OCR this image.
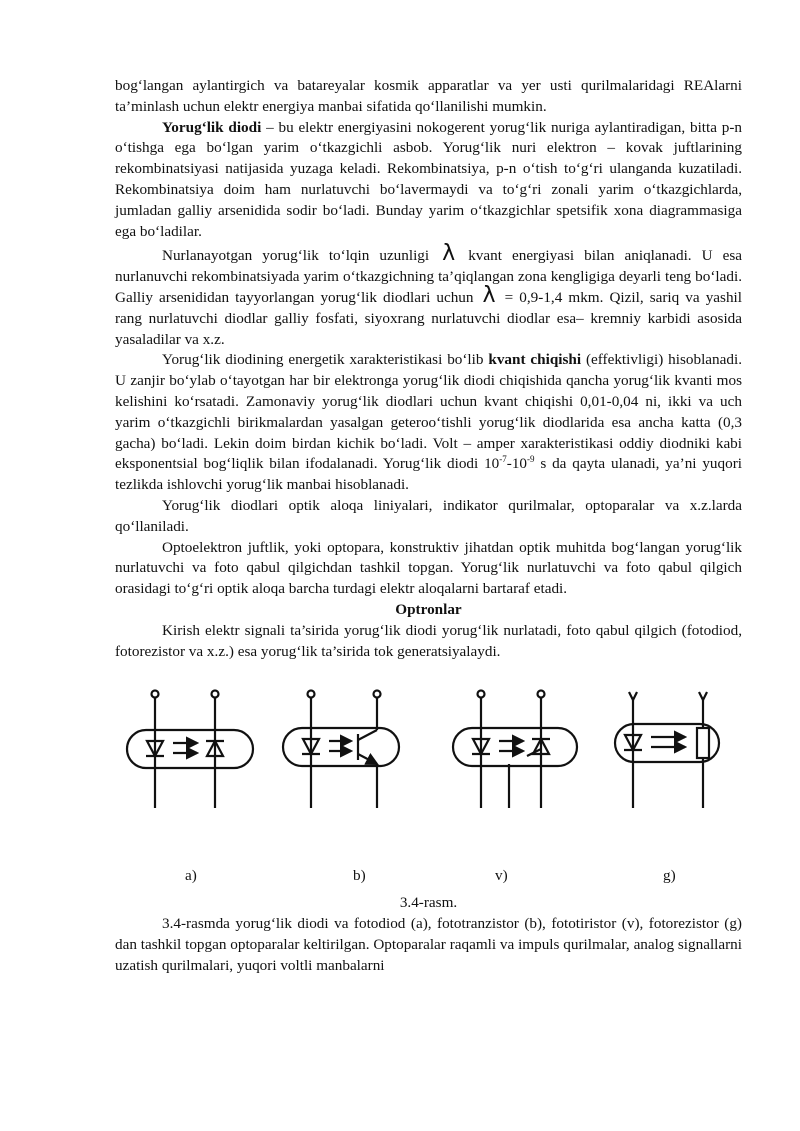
bog‘langan aylantirgich va batareyalar kosmik apparatlar va yer usti qurilmalaridagi REAlarni ta’minlash uchun elektr energiya manbai sifatida qo‘llanilishi mumkin.

Yorug‘lik diodi – bu elektr energiyasini nokogerent yorug‘lik nuriga aylantiradigan, bitta p-n o‘tishga ega bo‘lgan yarim o‘tkazgichli asbob. Yorug‘lik nuri elektron – kovak juftlarining rekombinatsiyasi natijasida yuzaga keladi. Rekombinatsiya, p-n o‘tish to‘g‘ri ulanganda kuzatiladi. Rekombinatsiya doim ham nurlatuvchi bo‘lavermaydi va to‘g‘ri zonali yarim o‘tkazgichlarda, jumladan galliy arsenidida sodir bo‘ladi. Bunday yarim o‘tkazgichlar spetsifik xona diagrammasiga ega bo‘ladilar.

Nurlanayotgan yorug‘lik to‘lqin uzunligi λ kvant energiyasi bilan aniqlanadi. U esa nurlanuvchi rekombinatsiyada yarim o‘tkazgichning ta’qiqlangan zona kengligiga deyarli teng bo‘ladi. Galliy arsenididan tayyorlangan yorug‘lik diodlari uchun λ = 0,9-1,4 mkm. Qizil, sariq va yashil rang nurlatuvchi diodlar galliy fosfati, siyoxrang nurlatuvchi diodlar esa– kremniy karbidi asosida yasaladilar va x.z.

Yorug‘lik diodining energetik xarakteristikasi bo‘lib kvant chiqishi (effektivligi) hisoblanadi. U zanjir bo‘ylab o‘tayotgan har bir elektronga yorug‘lik diodi chiqishida qancha yorug‘lik kvanti mos kelishini ko‘rsatadi. Zamonaviy yorug‘lik diodlari uchun kvant chiqishi 0,01-0,04 ni, ikki va uch yarim o‘tkazgichli birikmalardan yasalgan geteroo‘tishli yorug‘lik diodlarida esa ancha katta (0,3 gacha) bo‘ladi. Lekin doim birdan kichik bo‘ladi. Volt – amper xarakteristikasi oddiy diodniki kabi eksponentsial bog‘liqlik bilan ifodalanadi. Yorug‘lik diodi $10^{-7}-10^{-9}$ s da qayta ulanadi, ya’ni yuqori tezlikda ishlovchi yorug‘lik manbai hisoblanadi.

Yorug‘lik diodlari optik aloqa liniyalari, indikator qurilmalar, optoparalar va x.z.larda qo‘llaniladi.

Optoelektron juftlik, yoki optopara, konstruktiv jihatdan optik muhitda bog‘langan yorug‘lik nurlatuvchi va foto qabul qilgichdan tashkil topgan. Yorug‘lik nurlatuvchi va foto qabul qilgich orasidagi to‘g‘ri optik aloqa barcha turdagi elektr aloqalarni bartaraf etadi.

Optronlar

Kirish elektr signali ta’sirida yorug‘lik diodi yorug‘lik nurlatadi, foto qabul qilgich (fotodiod, fotorezistor va x.z.) esa yorug‘lik ta’sirida tok generatsiyalaydi.

a)	b)	v)	g)

3.4-rasm.

3.4-rasmda yorug‘lik diodi va fotodiod (a), fototranzistor (b), fototiristor (v), fotorezistor (g) dan tashkil topgan optoparalar keltirilgan. Optoparalar raqamli va impuls qurilmalar, analog signallarni uzatish qurilmalari, yuqori voltli manbalarni
